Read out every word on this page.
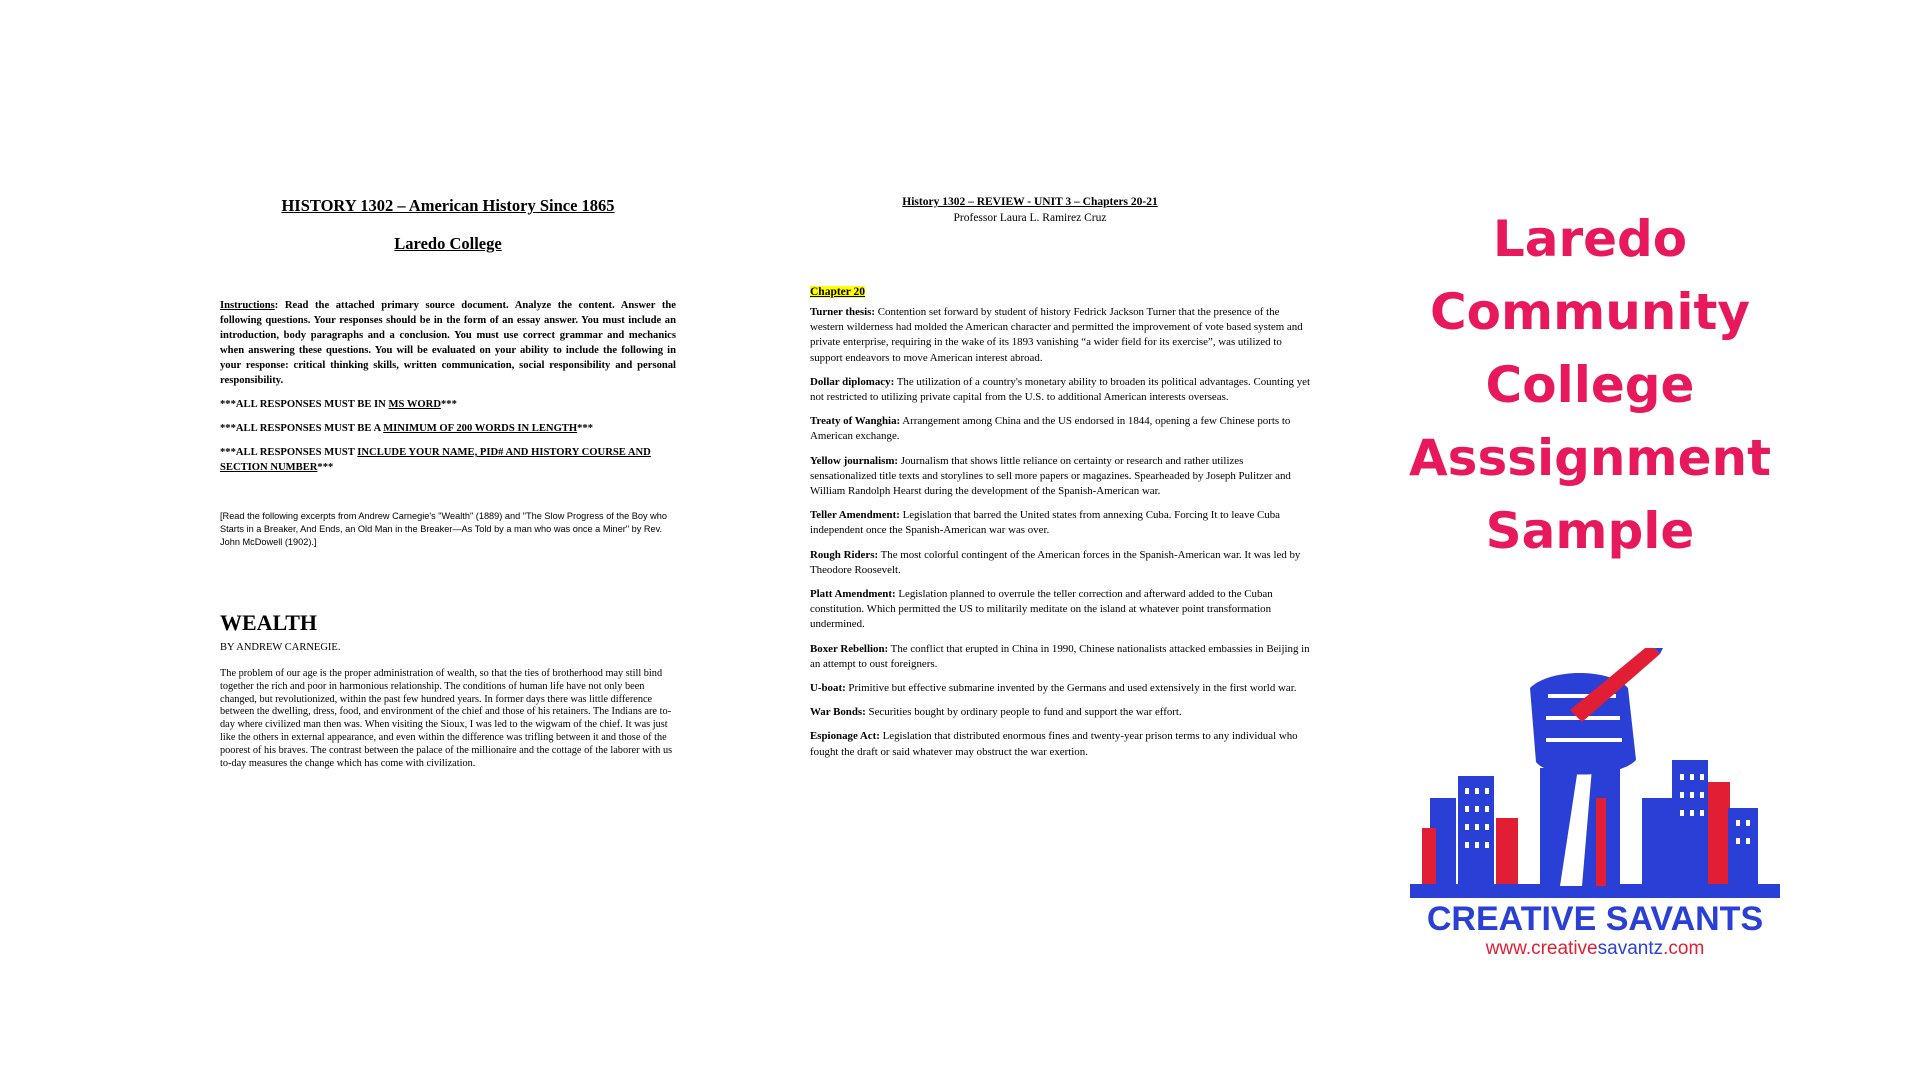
HISTORY 1302 – American History Since 1865
Laredo College
Instructions: Read the attached primary source document. Analyze the content. Answer the following questions. Your responses should be in the form of an essay answer. You must include an introduction, body paragraphs and a conclusion. You must use correct grammar and mechanics when answering these questions. You will be evaluated on your ability to include the following in your response: critical thinking skills, written communication, social responsibility and personal responsibility.
***ALL RESPONSES MUST BE IN MS WORD***
***ALL RESPONSES MUST BE A MINIMUM OF 200 WORDS IN LENGTH***
***ALL RESPONSES MUST INCLUDE YOUR NAME, PID# AND HISTORY COURSE AND SECTION NUMBER***
[Read the following excerpts from Andrew Carnegie's "Wealth" (1889) and "The Slow Progress of the Boy who Starts in a Breaker, And Ends, an Old Man in the Breaker—As Told by a man who was once a Miner" by Rev. John McDowell (1902).]
WEALTH
BY ANDREW CARNEGIE.
The problem of our age is the proper administration of wealth, so that the ties of brotherhood may still bind together the rich and poor in harmonious relationship. The conditions of human life have not only been changed, but revolutionized, within the past few hundred years. In former days there was little difference between the dwelling, dress, food, and environment of the chief and those of his retainers. The Indians are to-day where civilized man then was. When visiting the Sioux, I was led to the wigwam of the chief. It was just like the others in external appearance, and even within the difference was trifling between it and those of the poorest of his braves. The contrast between the palace of the millionaire and the cottage of the laborer with us to-day measures the change which has come with civilization.
History 1302 – REVIEW - UNIT 3 – Chapters 20-21
Professor Laura L. Ramirez Cruz
Chapter 20
Turner thesis: Contention set forward by student of history Fedrick Jackson Turner that the presence of the western wilderness had molded the American character and permitted the improvement of vote based system and private enterprise, requiring in the wake of its 1893 vanishing “a wider field for its exercise”, was utilized to support endeavors to move American interest abroad.
Dollar diplomacy: The utilization of a country's monetary ability to broaden its political advantages. Counting yet not restricted to utilizing private capital from the U.S. to additional American interests overseas.
Treaty of Wanghia: Arrangement among China and the US endorsed in 1844, opening a few Chinese ports to American exchange.
Yellow journalism: Journalism that shows little reliance on certainty or research and rather utilizes sensationalized title texts and storylines to sell more papers or magazines. Spearheaded by Joseph Pulitzer and William Randolph Hearst during the development of the Spanish-American war.
Teller Amendment: Legislation that barred the United states from annexing Cuba. Forcing It to leave Cuba independent once the Spanish-American war was over.
Rough Riders: The most colorful contingent of the American forces in the Spanish-American war. It was led by Theodore Roosevelt.
Platt Amendment: Legislation planned to overrule the teller correction and afterward added to the Cuban constitution. Which permitted the US to militarily meditate on the island at whatever point transformation undermined.
Boxer Rebellion: The conflict that erupted in China in 1990, Chinese nationalists attacked embassies in Beijing in an attempt to oust foreigners.
U-boat: Primitive but effective submarine invented by the Germans and used extensively in the first world war.
War Bonds: Securities bought by ordinary people to fund and support the war effort.
Espionage Act: Legislation that distributed enormous fines and twenty-year prison terms to any individual who fought the draft or said whatever may obstruct the war exertion.
Laredo
Community
College
Asssignment
Sample
CREATIVE SAVANTS
www.creativesavantz.com
